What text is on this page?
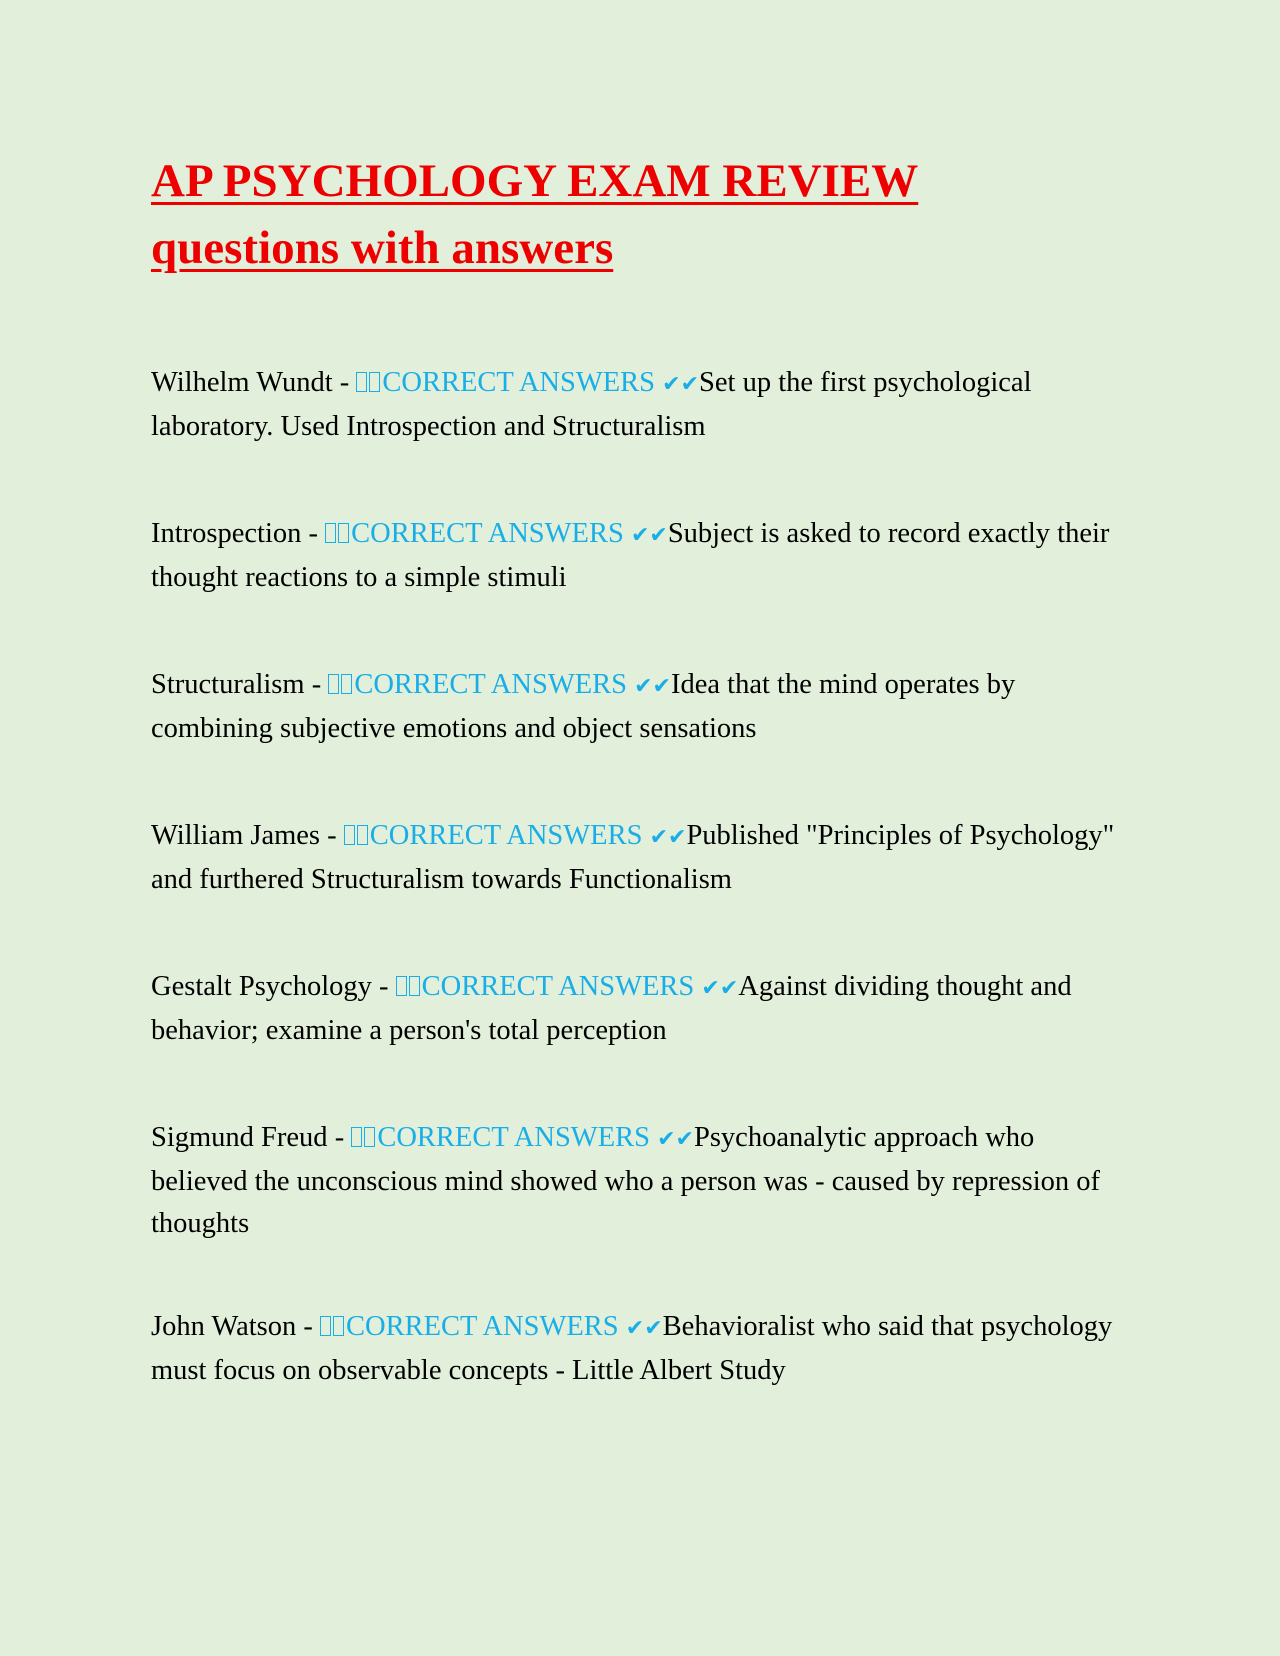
AP PSYCHOLOGY EXAM REVIEW
questions with answers

Wilhelm Wundt - CORRECT ANSWERS ✔✔Set up the first psychological laboratory. Used Introspection and Structuralism

Introspection - CORRECT ANSWERS ✔✔Subject is asked to record exactly their thought reactions to a simple stimuli

Structuralism - CORRECT ANSWERS ✔✔Idea that the mind operates by combining subjective emotions and object sensations

William James - CORRECT ANSWERS ✔✔Published "Principles of Psychology" and furthered Structuralism towards Functionalism

Gestalt Psychology - CORRECT ANSWERS ✔✔Against dividing thought and behavior; examine a person's total perception

Sigmund Freud - CORRECT ANSWERS ✔✔Psychoanalytic approach who believed the unconscious mind showed who a person was - caused by repression of thoughts

John Watson - CORRECT ANSWERS ✔✔Behavioralist who said that psychology must focus on observable concepts - Little Albert Study
